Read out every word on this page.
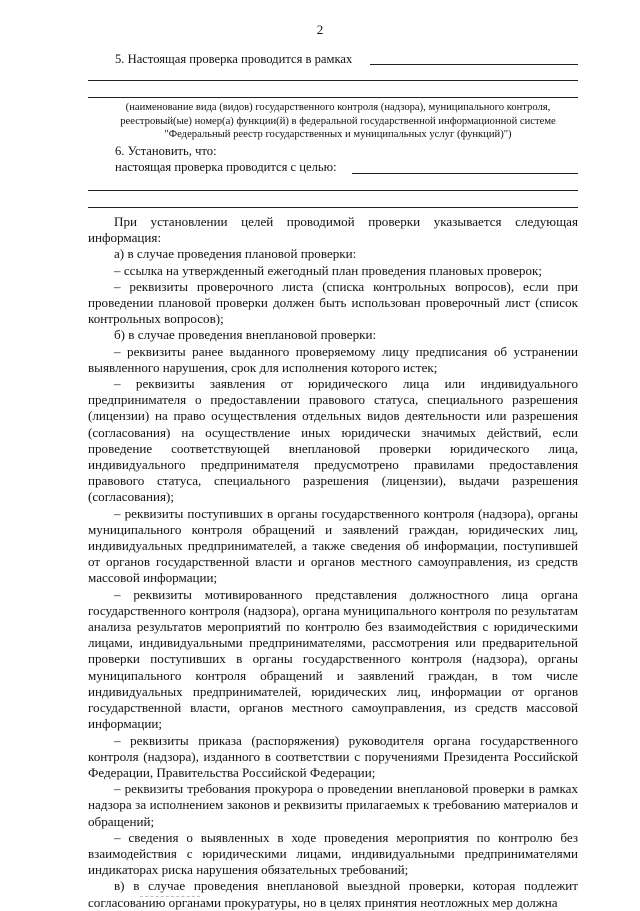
2
5. Настоящая проверка проводится в рамках
(наименование вида (видов) государственного контроля (надзора), муниципального контроля,
реестровый(ые) номер(а) функции(й) в федеральной государственной информационной системе
"Федеральный реестр государственных и муниципальных услуг (функций)")
6. Установить, что:
настоящая проверка проводится с целью:

При установлении целей проводимой проверки указывается следующая информация:

а) в случае проведения плановой проверки:

– ссылка на утвержденный ежегодный план проведения плановых проверок;

– реквизиты проверочного листа (списка контрольных вопросов), если при проведении плановой проверки должен быть использован проверочный лист (список контрольных вопросов);

б) в случае проведения внеплановой проверки:

– реквизиты ранее выданного проверяемому лицу предписания об устранении выявленного нарушения, срок для исполнения которого истек;

– реквизиты заявления от юридического лица или индивидуального предпринимателя о предоставлении правового статуса, специального разрешения (лицензии) на право осуществления отдельных видов деятельности или разрешения (согласования) на осуществление иных юридически значимых действий, если проведение соответствующей внеплановой проверки юридического лица, индивидуального предпринимателя предусмотрено правилами предоставления правового статуса, специального разрешения (лицензии), выдачи разрешения (согласования);

– реквизиты поступивших в органы государственного контроля (надзора), органы муниципального контроля обращений и заявлений граждан, юридических лиц, индивидуальных предпринимателей, а также сведения об информации, поступившей от органов государственной власти и органов местного самоуправления, из средств массовой информации;

– реквизиты мотивированного представления должностного лица органа государственного контроля (надзора), органа муниципального контроля по результатам анализа результатов мероприятий по контролю без взаимодействия с юридическими лицами, индивидуальными предпринимателями, рассмотрения или предварительной проверки поступивших в органы государственного контроля (надзора), органы муниципального контроля обращений и заявлений граждан, в том числе индивидуальных предпринимателей, юридических лиц, информации от органов государственной власти, органов местного самоуправления, из средств массовой информации;

– реквизиты приказа (распоряжения) руководителя органа государственного контроля (надзора), изданного в соответствии с поручениями Президента Российской Федерации, Правительства Российской Федерации;

– реквизиты требования прокурора о проведении внеплановой проверки в рамках надзора за исполнением законов и реквизиты прилагаемых к требованию материалов и обращений;

– сведения о выявленных в ходе проведения мероприятия по контролю без взаимодействия с юридическими лицами, индивидуальными предпринимателями индикаторах риска нарушения обязательных требований;

в) в случае проведения внеплановой выездной проверки, которая подлежит согласованию органами прокуратуры, но в целях принятия неотложных мер должна
